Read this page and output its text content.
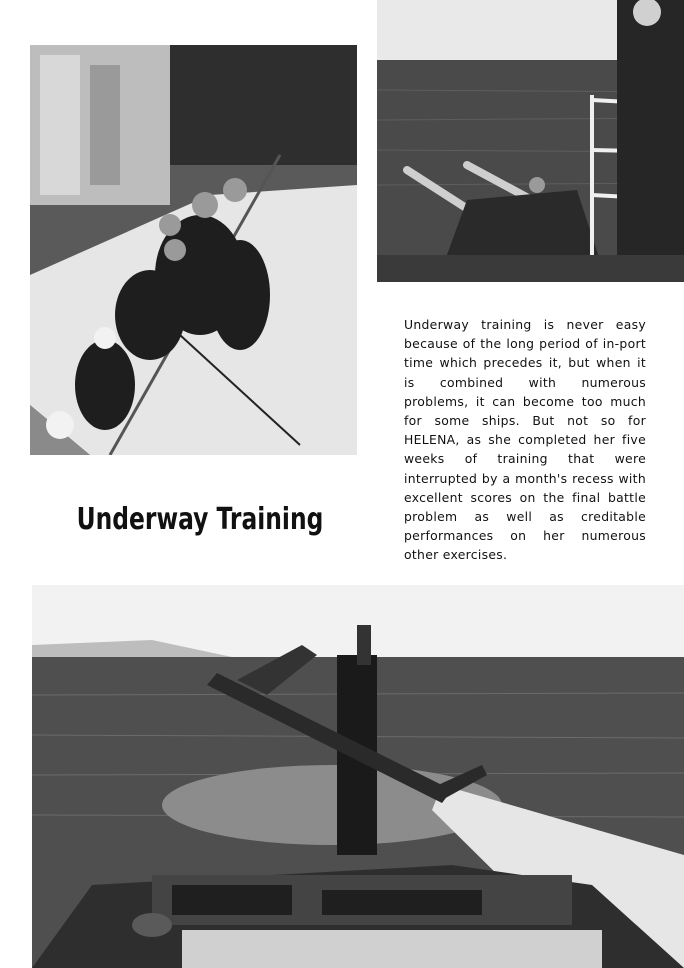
Underway Training
Underway training is never easy because of the long period of in-port time which precedes it, but when it is combined with numerous problems, it can become too much for some ships. But not so for HELENA, as she completed her five weeks of training that were interrupted by a month's recess with excellent scores on the final battle problem as well as creditable performances on her numerous other exercises.
